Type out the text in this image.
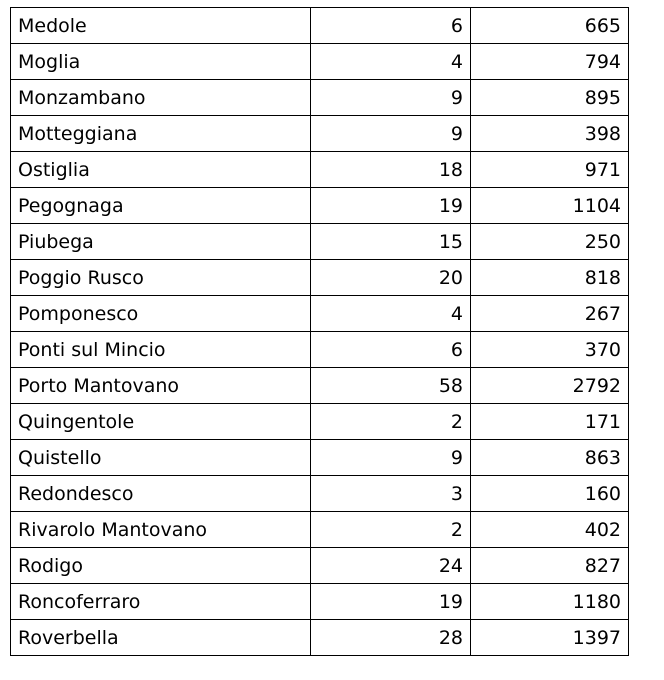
Medole	6	665
Moglia	4	794
Monzambano	9	895
Motteggiana	9	398
Ostiglia	18	971
Pegognaga	19	1104
Piubega	15	250
Poggio Rusco	20	818
Pomponesco	4	267
Ponti sul Mincio	6	370
Porto Mantovano	58	2792
Quingentole	2	171
Quistello	9	863
Redondesco	3	160
Rivarolo Mantovano	2	402
Rodigo	24	827
Roncoferraro	19	1180
Roverbella	28	1397
